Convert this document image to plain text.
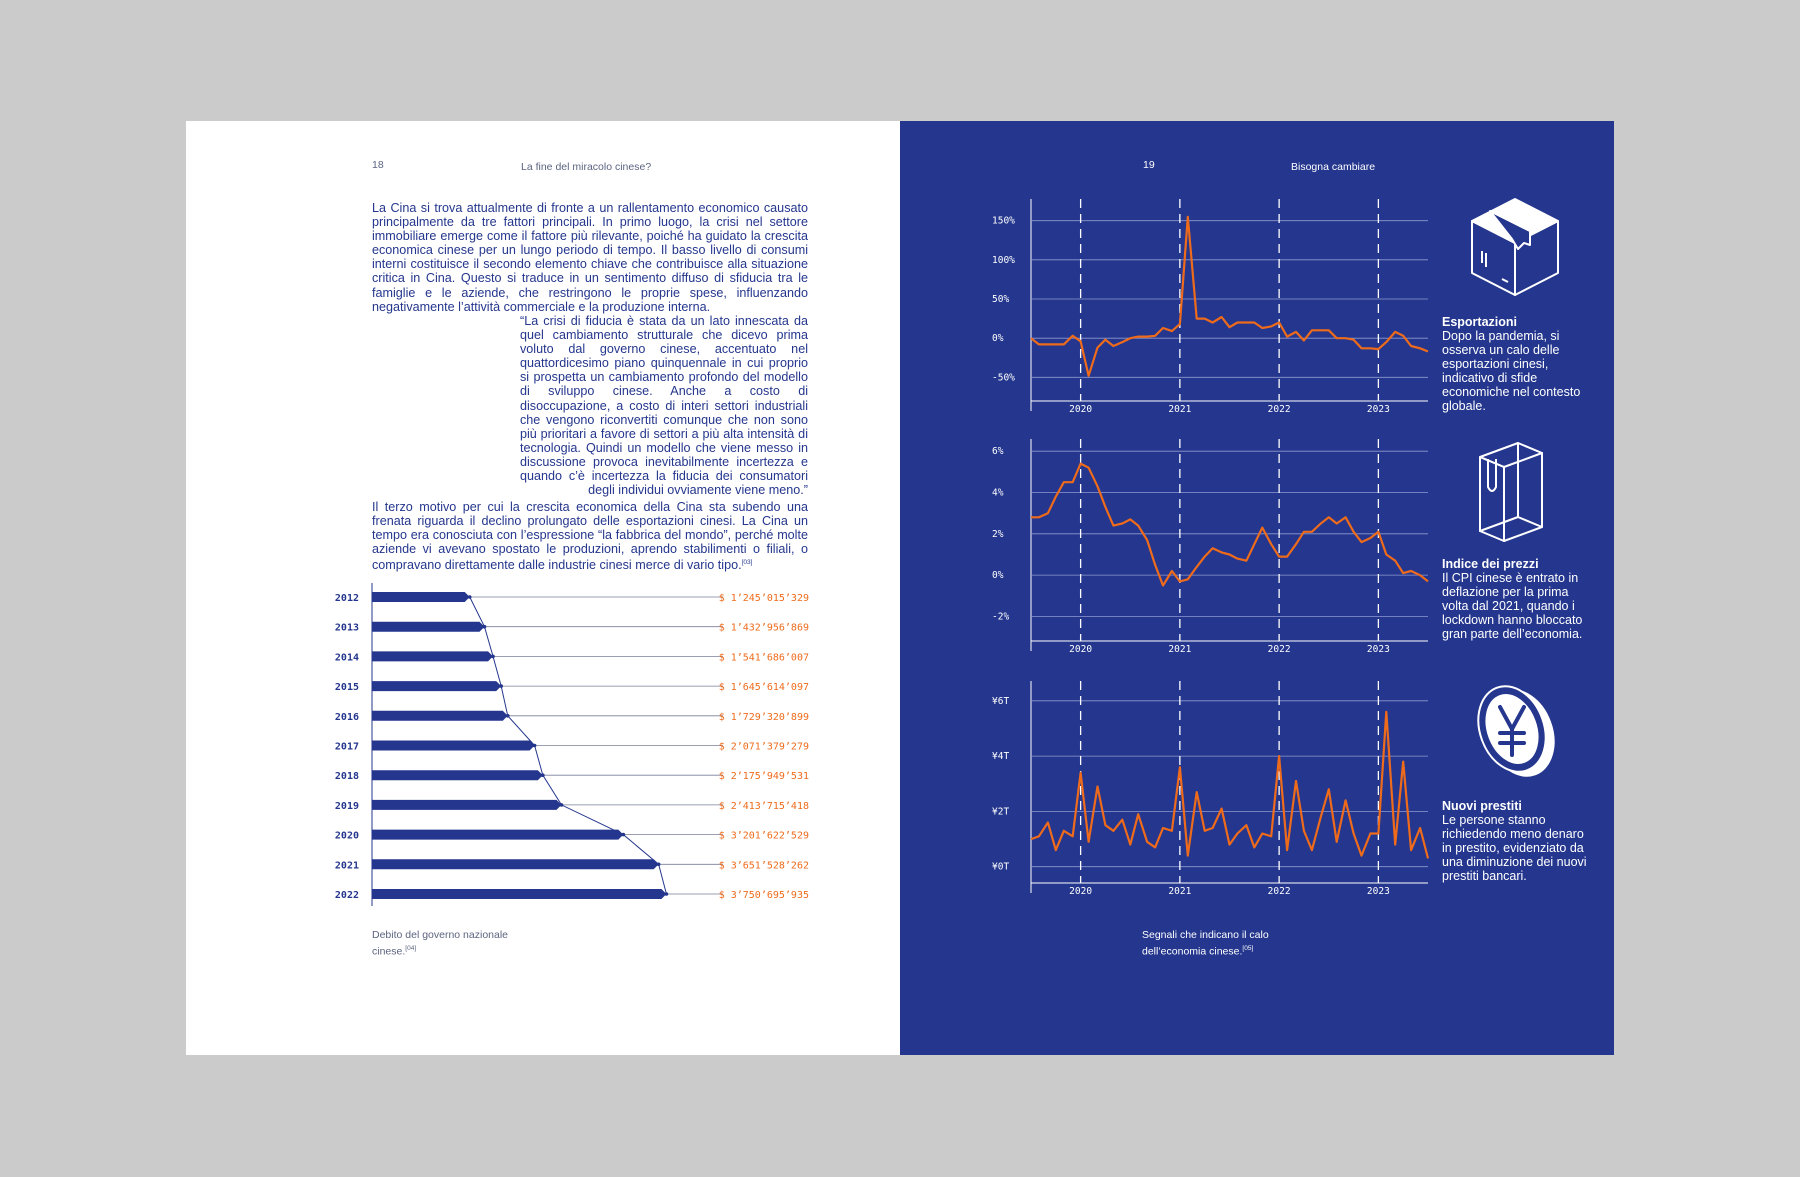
18	La fine del miracolo cinese?

La Cina si trova attualmente di fronte a un rallentamento economico causato principalmente da tre fattori principali. In primo luogo, la crisi nel settore immobiliare emerge come il fattore più rilevante, poiché ha guidato la crescita economica cinese per un lungo periodo di tempo. Il basso livello di consumi interni costituisce il secondo elemento chiave che contribuisce alla situazione critica in Cina. Questo si traduce in un sentimento diffuso di sfiducia tra le famiglie e le aziende, che restringono le proprie spese, influenzando negativamente l’attività commerciale e la produzione interna.

“La crisi di fiducia è stata da un lato innescata da quel cambiamento strutturale che dicevo prima voluto dal governo cinese, accentuato nel quattordicesimo piano quinquennale in cui proprio si prospetta un cambiamento profondo del modello di sviluppo cinese. Anche a costo di disoccupazione, a costo di interi settori industriali che vengono riconvertiti comunque che non sono più prioritari a favore di settori a più alta intensità di tecnologia. Quindi un modello che viene messo in discussione provoca inevitabilmente incertezza e quando c’è incertezza la fiducia dei consumatori degli individui ovviamente viene meno.”

Il terzo motivo per cui la crescita economica della Cina sta subendo una frenata riguarda il declino prolungato delle esportazioni cinesi. La Cina un tempo era conosciuta con l’espressione “la fabbrica del mondo”, perché molte aziende vi avevano spostato le produzioni, aprendo stabilimenti o filiali, o compravano direttamente dalle industrie cinesi merce di vario tipo.[03]

2012	$ 1’245’015’329
2013	$ 1’432’956’869
2014	$ 1’541’686’007
2015	$ 1’645’614’097
2016	$ 1’729’320’899
2017	$ 2’071’379’279
2018	$ 2’175’949’531
2019	$ 2’413’715’418
2020	$ 3’201’622’529
2021	$ 3’651’528’262
2022	$ 3’750’695’935
Debito del governo nazionale cinese.[04]
19	Bisogna cambiare
150%
100%
50%
0%
-50%
2020	2021	2022	2023
6%
4%
2%
0%
-2%
2020	2021	2022	2023
¥6T
¥4T
¥2T
¥0T
2020	2021	2022	2023
Esportazioni

Dopo la pandemia, si osserva un calo delle esportazioni cinesi, indicativo di sfide economiche nel contesto globale.

Indice dei prezzi

Il CPI cinese è entrato in deflazione per la prima volta dal 2021, quando i lockdown hanno bloccato gran parte dell’economia.

Nuovi prestiti

Le persone stanno richiedendo meno denaro in prestito, evidenziato da una diminuzione dei nuovi prestiti bancari.

Segnali che indicano il calo dell’economia cinese.[05]
